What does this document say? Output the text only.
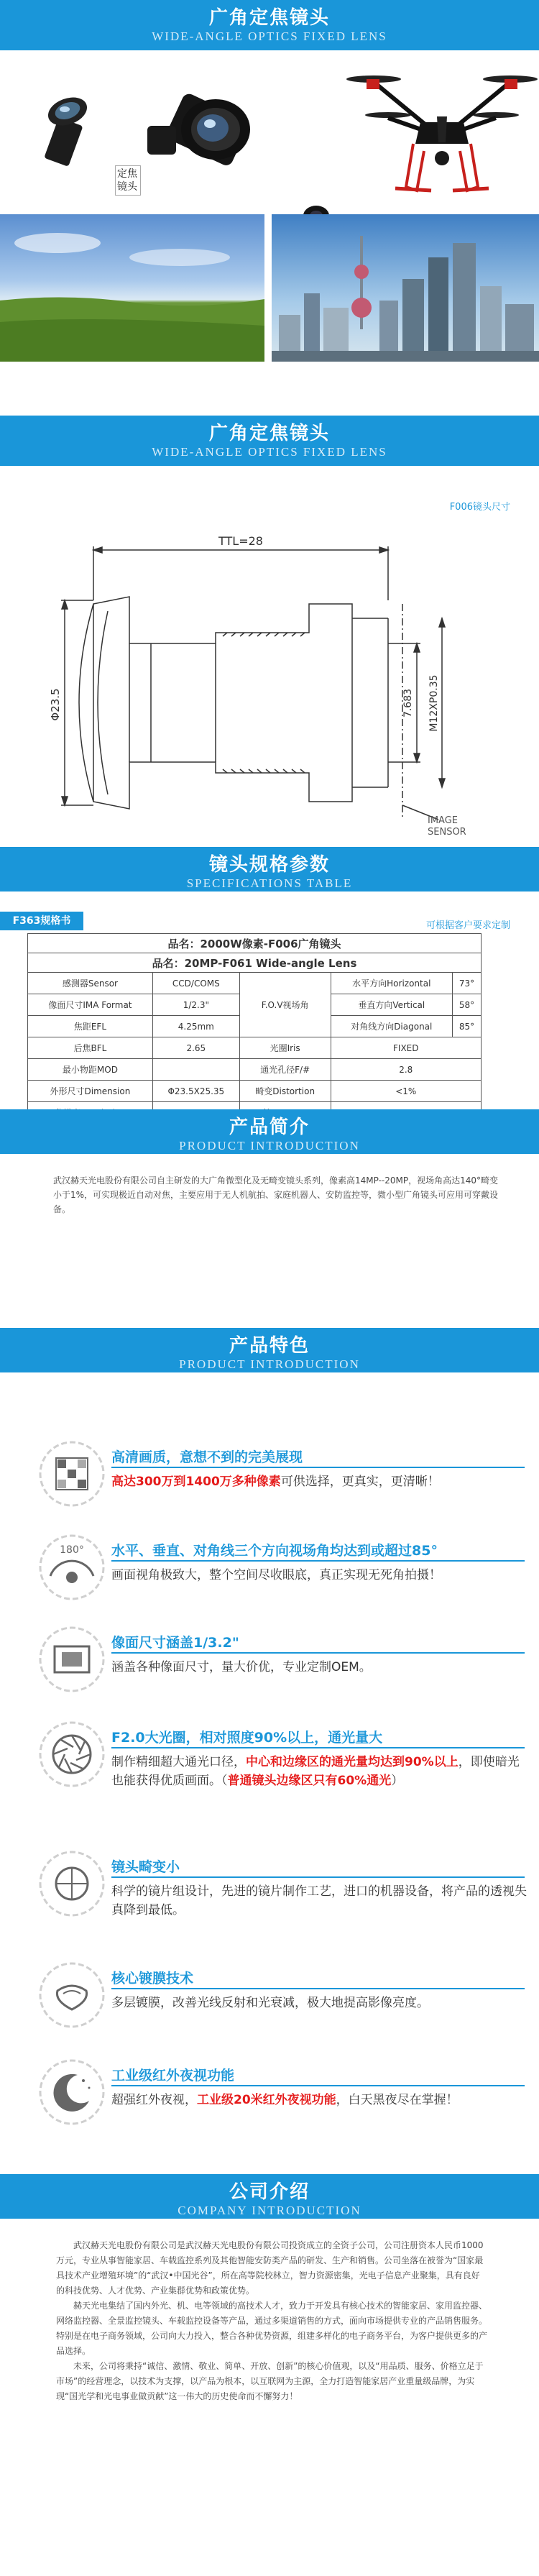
广角定焦镜头
WIDE-ANGLE OPTICS FIXED LENS
定焦
镜头
广角定焦镜头
WIDE-ANGLE OPTICS FIXED LENS
F006镜头尺寸
TTL=28
Φ23.5	7.683 M12XP0.35
IMAGE
SENSOR
镜头规格参数
SPECIFICATIONS TABLE
F363规格书	可根据客户要求定制
品名：2000W像素-F006广角镜头				
品名：20MP-F061 Wide-angle Lens				
感测器Sensor	CCD/COMS	F.O.V视场角	水平方向Horizontal	73°
像面尺寸IMA Format	1/2.3"		垂直方向Vertical	58°
焦距EFL	4.25mm		对角线方向Diagonal	85°
后焦BFL	2.65	光圈Iris	FIXED	
最小物距MOD		通光孔径F/#	2.8	
外形尺寸Dimension	Φ23.5X25.35	畸变Distortion	<1%	

产品简介
PRODUCT INTRODUCTION
武汉赫天光电股份有限公司自主研发的大广角微型化及无畸变镜头系列，像素高14MP--20MP，视场角高达140°畸变小于1%，可实现极近自动对焦，主要应用于无人机航拍、家庭机器人、安防监控等，微小型广角镜头可应用可穿戴设备。
产品特色
PRODUCT INTRODUCTION
高清画质，意想不到的完美展现
高达300万到1400万多种像素可供选择，更真实，更清晰！
180° 水平、垂直、对角线三个方向视场角均达到或超过85°
画面视角极致大，整个空间尽收眼底，真正实现无死角拍摄！
像面尺寸涵盖1/3.2"
涵盖各种像面尺寸，量大价优，专业定制OEM。
F2.0大光圈，相对照度90%以上，通光量大
制作精细超大通光口径，中心和边缘区的通光量均达到90%以上，即使暗光也能获得优质画面。（普通镜头边缘区只有60%通光）
镜头畸变小
科学的镜片组设计，先进的镜片制作工艺，进口的机器设备，将产品的透视失真降到最低。
核心镀膜技术
多层镀膜，改善光线反射和光衰减，极大地提高影像亮度。
工业级红外夜视功能
超强红外夜视，工业级20米红外夜视功能，白天黑夜尽在掌握！
公司介绍
COMPANY INTRODUCTION
武汉赫天光电股份有限公司是武汉赫天光电股份有限公司投资成立的全资子公司，公司注册资本人民币1000万元，专业从事智能家居、车载监控系列及其他智能安防类产品的研发、生产和销售。公司坐落在被誉为“国家最具技术产业增殖环境”的“武汉•中国光谷”，所在高等院校林立，智力资源密集，光电子信息产业聚集，具有良好的科技优势、人才优势、产业集群优势和政策优势。
赫天光电集结了国内外光、机、电等领域的高技术人才，致力于开发具有核心技术的智能家居、家用监控器、网络监控器、全景监控镜头、车载监控设备等产品，通过多渠道销售的方式，面向市场提供专业的产品销售服务。特别是在电子商务领域，公司向大力投入，整合各种优势资源，组建多样化的电子商务平台，为客户提供更多的产品选择。
未来，公司将秉持“诚信、激情、敬业、简单、开放、创新”的核心价值观，以及“用品质、服务、价格立足于市场”的经营理念，以技术为支撑，以产品为根本，以互联网为主源，全力打造智能家居产业重量级品牌，为实现“国光学和光电事业做贡献”这一伟大的历史使命而不懈努力！
